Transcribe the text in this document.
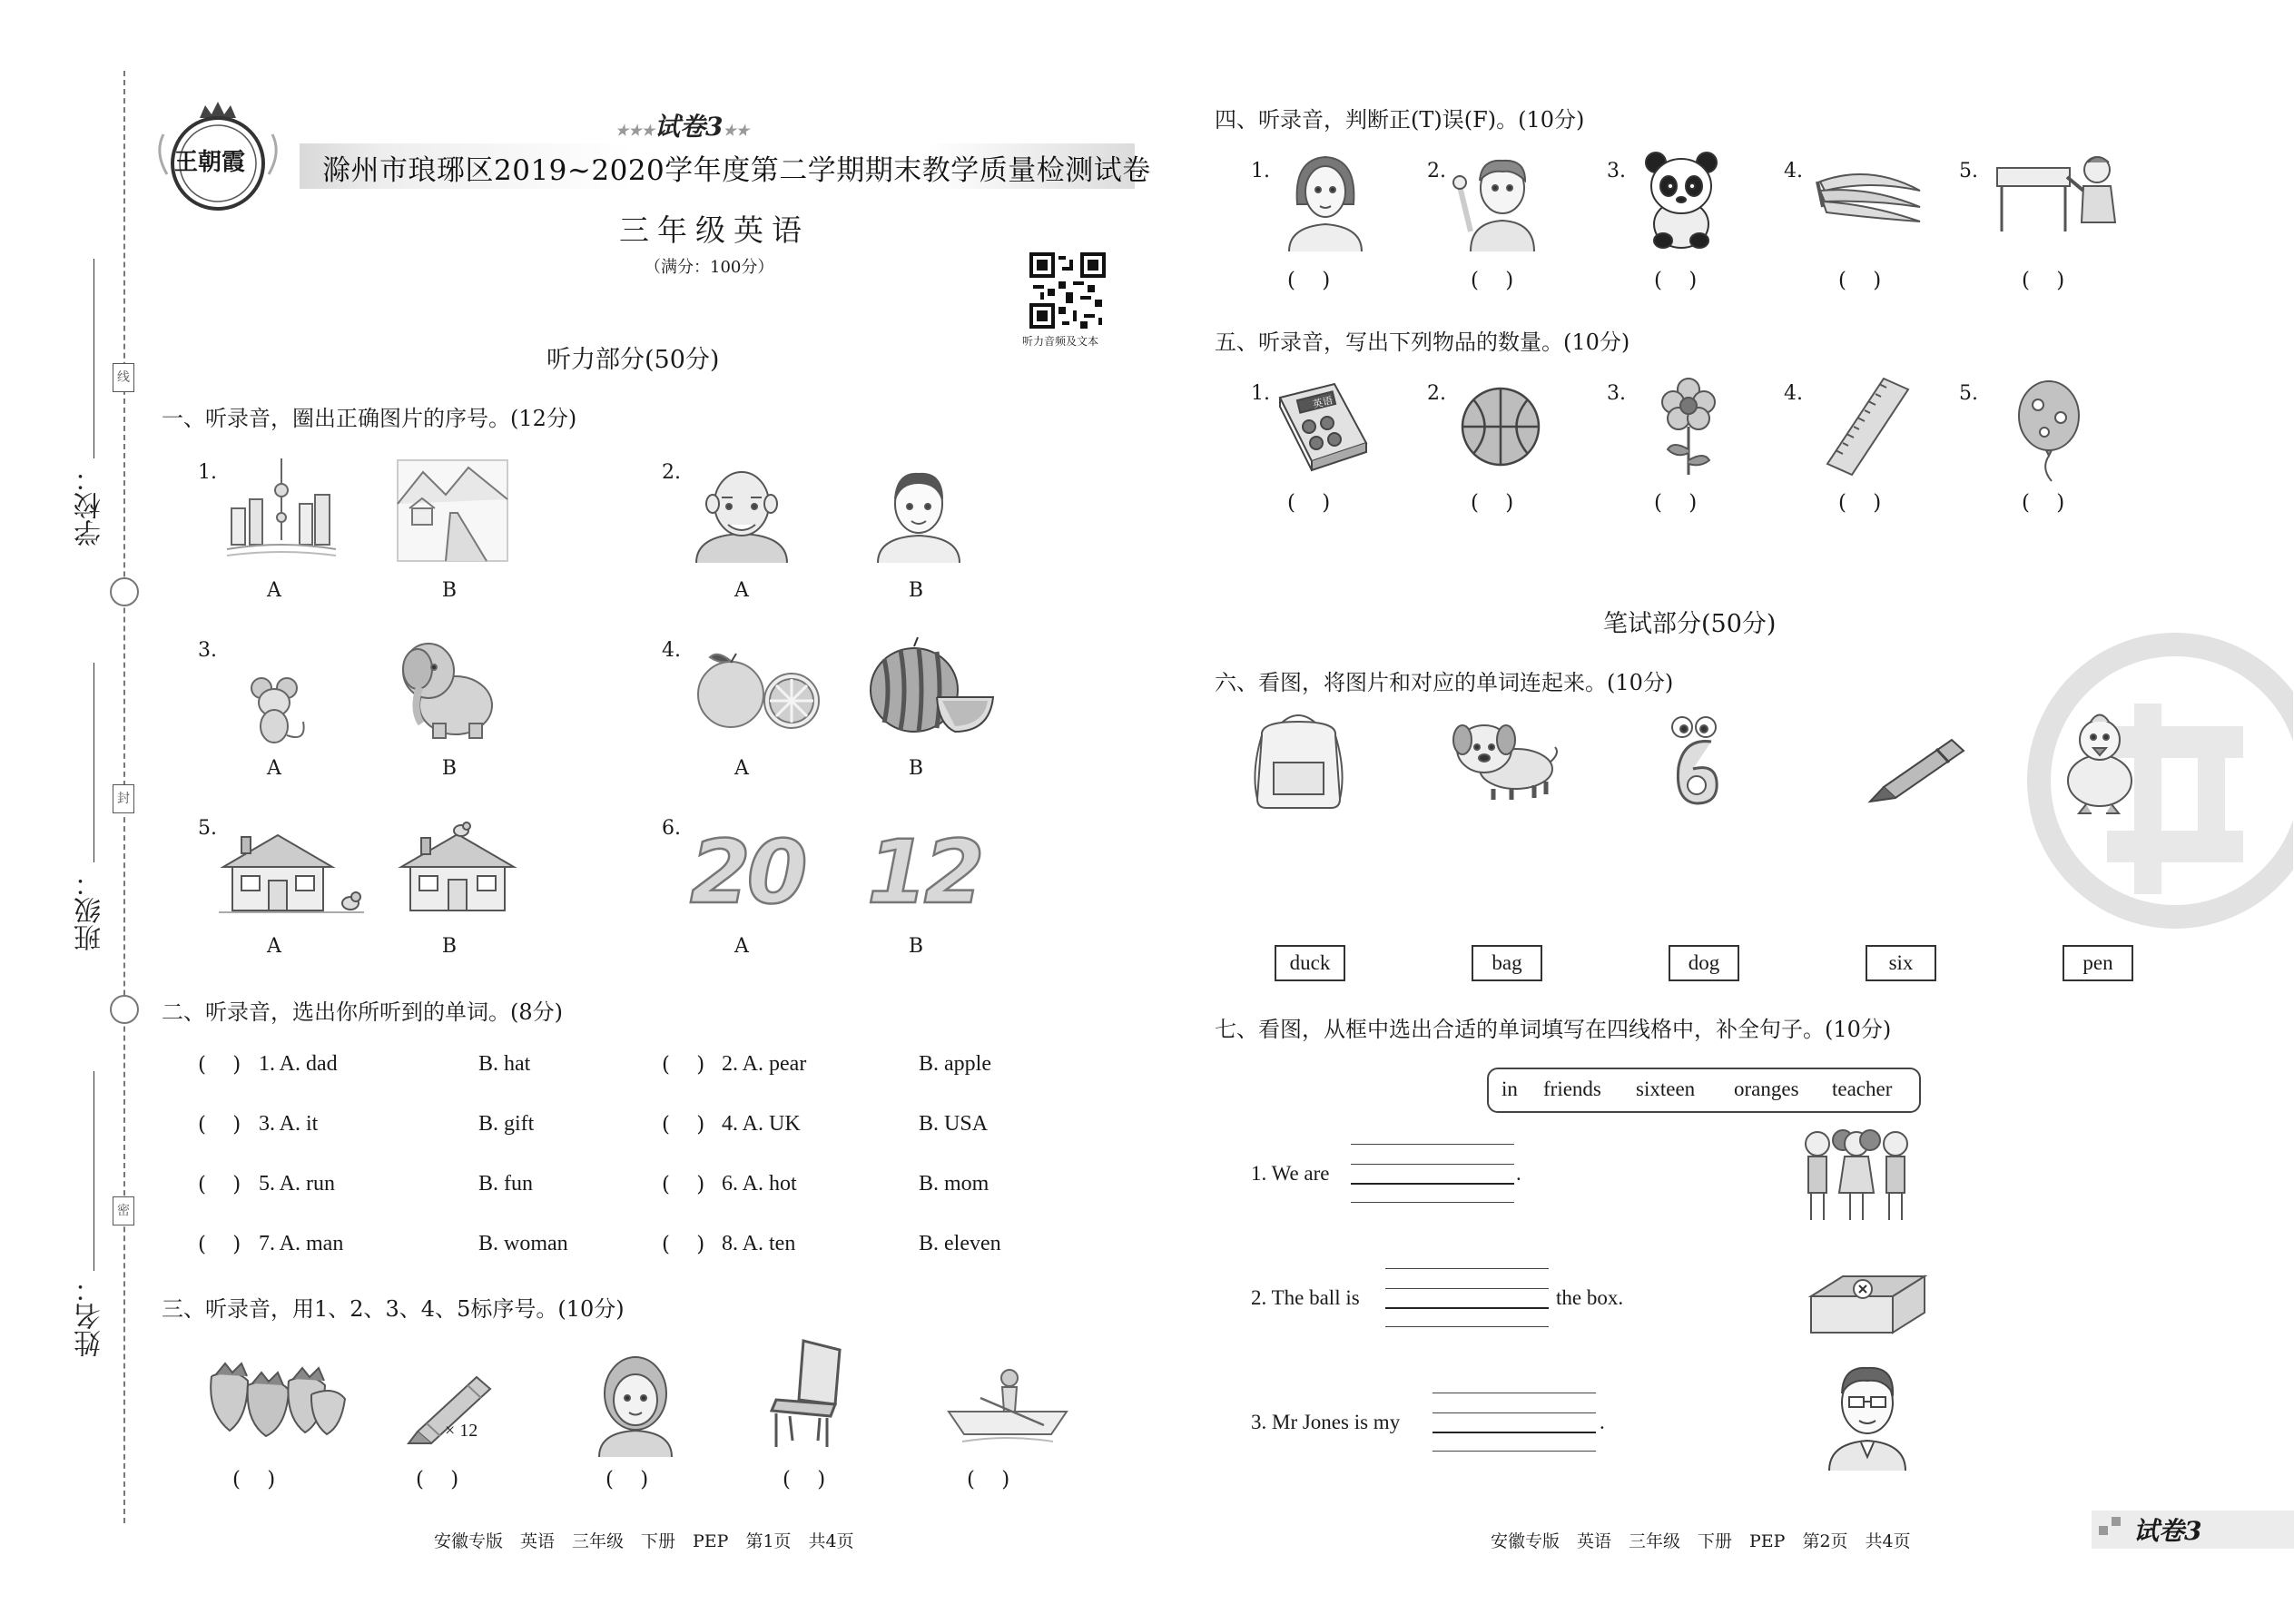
线
封
密
学校：
班级：
姓名：
王朝霞
★★★试卷3★★
滁州市琅琊区2019~2020学年度第二学期期末教学质量检测试卷
三年级英语
（满分：100分）
听力音频及文本
听力部分(50分)
一、听录音，圈出正确图片的序号。(12分)
1.
A	B
2.
A	B
3.
A	B
4.
A	B
5.
A	B
6. 20 12
A	B
二、听录音，选出你所听到的单词。(8分)
(    ) 1. A. dad	B. hat	(    ) 2. A. pear	B. apple
(    ) 3. A. it	B. gift	(    ) 4. A. UK	B. USA
(    ) 5. A. run	B. fun	(    ) 6. A. hot	B. mom
(    ) 7. A. man	B. woman	(    ) 8. A. ten	B. eleven
三、听录音，用1、2、3、4、5标序号。(10分)
× 12
(    )	(    )	(    )	(    )	(    )
安徽专版　英语　三年级　下册　PEP　第1页　共4页
四、听录音，判断正(T)误(F)。(10分)
1.	2.	3.	4.	5.
(    )	(    )	(    )	(    )	(    )
五、听录音，写出下列物品的数量。(10分)
1.	英语	2.	3.	4.	5.
(    )	(    )	(    )	(    )	(    )
笔试部分(50分)
六、看图，将图片和对应的单词连起来。(10分)
duck	bag	dog	six	pen
七、看图，从框中选出合适的单词填写在四线格中，补全句子。(10分)
in friends sixteen oranges teacher
1. We are	.
2. The ball is	the box.
3. Mr Jones is my	.
安徽专版　英语　三年级　下册　PEP　第2页　共4页	试卷3
